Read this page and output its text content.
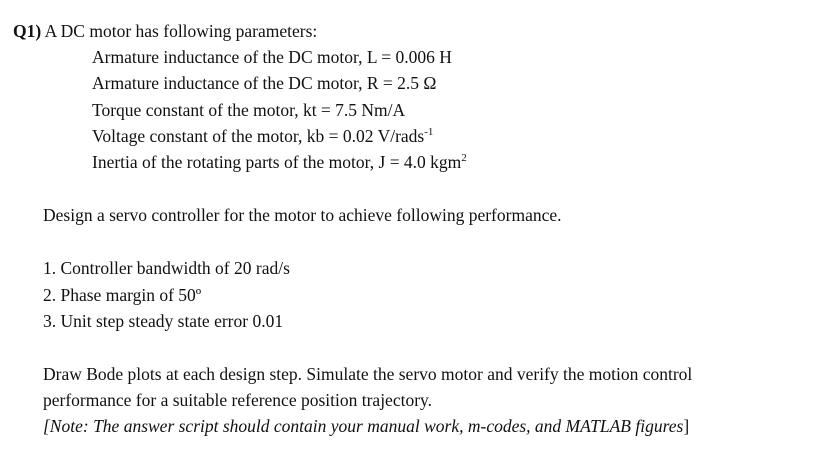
Q1) A DC motor has following parameters:
Armature inductance of the DC motor, L = 0.006 H
Armature inductance of the DC motor, R = 2.5 Ω
Torque constant of the motor, kt = 7.5 Nm/A
Voltage constant of the motor, kb = 0.02 V/rads$^{-1}$
Inertia of the rotating parts of the motor, J = 4.0 kgm$^2$
Design a servo controller for the motor to achieve following performance.
1. Controller bandwidth of 20 rad/s
2. Phase margin of 50º
3. Unit step steady state error 0.01
Draw Bode plots at each design step. Simulate the servo motor and verify the motion control
performance for a suitable reference position trajectory.
[Note: The answer script should contain your manual work, m-codes, and MATLAB figures]
